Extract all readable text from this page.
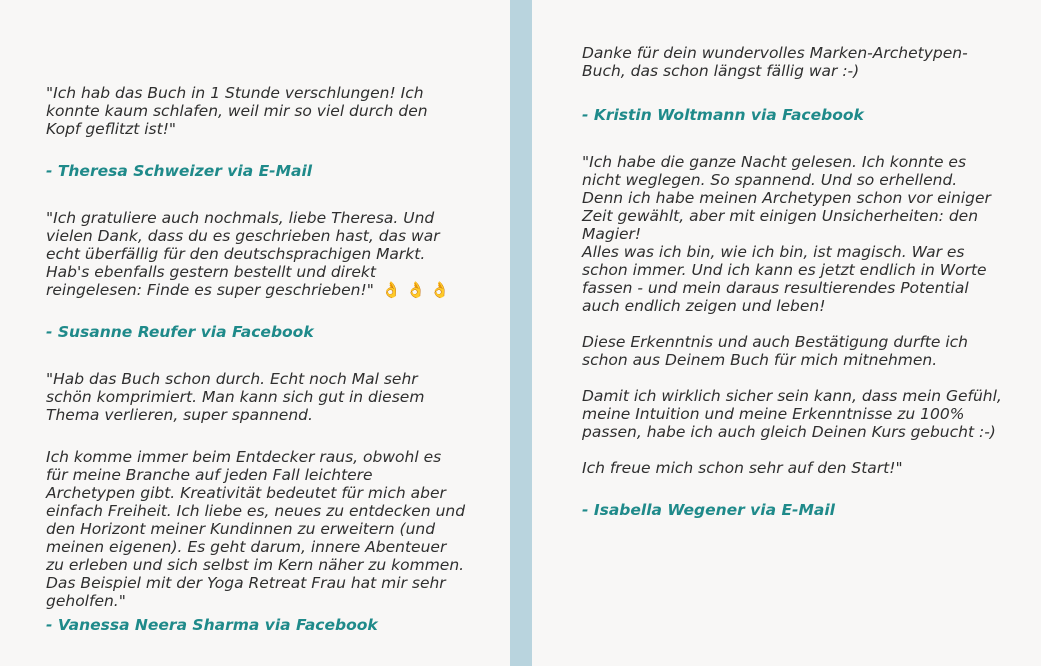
"Ich hab das Buch in 1 Stunde verschlungen! Ich konnte kaum schlafen, weil mir so viel durch den Kopf geflitzt ist!"

- Theresa Schweizer via E-Mail

"Ich gratuliere auch nochmals, liebe Theresa. Und vielen Dank, dass du es geschrieben hast, das war echt überfällig für den deutschsprachigen Markt. Hab's ebenfalls gestern bestellt und direkt reingelesen: Finde es super geschrieben!" 👌 👌 👌

- Susanne Reufer via Facebook

"Hab das Buch schon durch. Echt noch Mal sehr schön komprimiert. Man kann sich gut in diesem Thema verlieren, super spannend.

Ich komme immer beim Entdecker raus, obwohl es für meine Branche auf jeden Fall leichtere Archetypen gibt. Kreativität bedeutet für mich aber einfach Freiheit. Ich liebe es, neues zu entdecken und den Horizont meiner Kundinnen zu erweitern (und meinen eigenen). Es geht darum, innere Abenteuer zu erleben und sich selbst im Kern näher zu kommen. Das Beispiel mit der Yoga Retreat Frau hat mir sehr geholfen."

- Vanessa Neera Sharma via Facebook

Danke für dein wundervolles Marken-Archetypen-Buch, das schon längst fällig war :-)

- Kristin Woltmann via Facebook

"Ich habe die ganze Nacht gelesen. Ich konnte es nicht weglegen. So spannend. Und so erhellend. Denn ich habe meinen Archetypen schon vor einiger Zeit gewählt, aber mit einigen Unsicherheiten: den Magier!

Alles was ich bin, wie ich bin, ist magisch. War es schon immer. Und ich kann es jetzt endlich in Worte fassen - und mein daraus resultierendes Potential auch endlich zeigen und leben!

Diese Erkenntnis und auch Bestätigung durfte ich schon aus Deinem Buch für mich mitnehmen.

Damit ich wirklich sicher sein kann, dass mein Gefühl, meine Intuition und meine Erkenntnisse zu 100% passen, habe ich auch gleich Deinen Kurs gebucht :-)

Ich freue mich schon sehr auf den Start!"

- Isabella Wegener via E-Mail
